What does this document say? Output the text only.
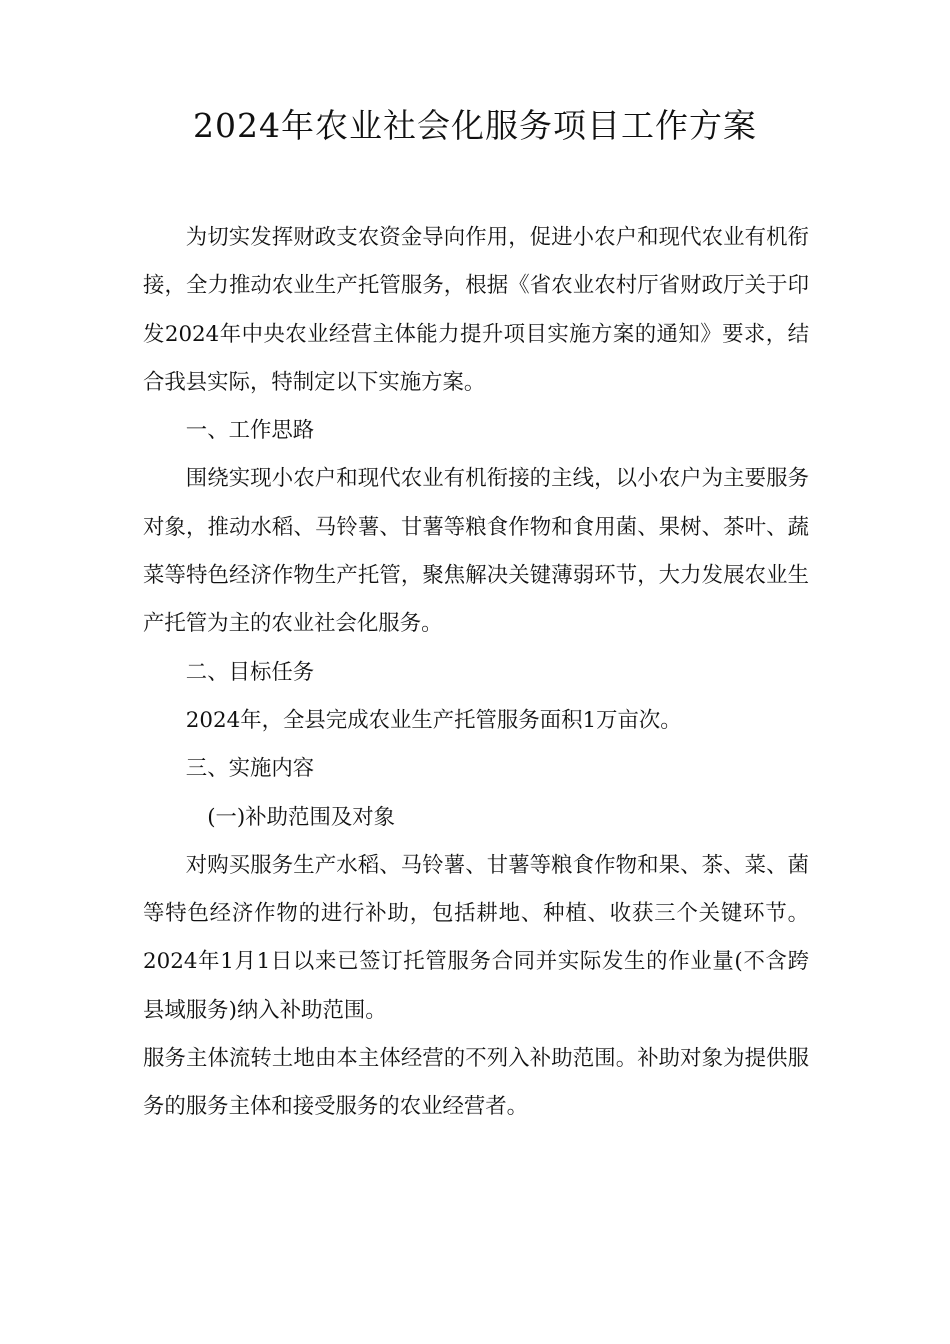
2024年农业社会化服务项目工作方案

为切实发挥财政支农资金导向作用，促进小农户和现代农业有机衔接，全力推动农业生产托管服务，根据《省农业农村厅省财政厅关于印发2024年中央农业经营主体能力提升项目实施方案的通知》要求，结合我县实际，特制定以下实施方案。

一、工作思路

围绕实现小农户和现代农业有机衔接的主线，以小农户为主要服务对象，推动水稻、马铃薯、甘薯等粮食作物和食用菌、果树、茶叶、蔬菜等特色经济作物生产托管，聚焦解决关键薄弱环节，大力发展农业生产托管为主的农业社会化服务。

二、目标任务

2024年，全县完成农业生产托管服务面积1万亩次。

三、实施内容

(一)补助范围及对象

对购买服务生产水稻、马铃薯、甘薯等粮食作物和果、茶、菜、菌等特色经济作物的进行补助，包括耕地、种植、收获三个关键环节。2024年1月1日以来已签订托管服务合同并实际发生的作业量(不含跨县域服务)纳入补助范围。

服务主体流转土地由本主体经营的不列入补助范围。补助对象为提供服务的服务主体和接受服务的农业经营者。
